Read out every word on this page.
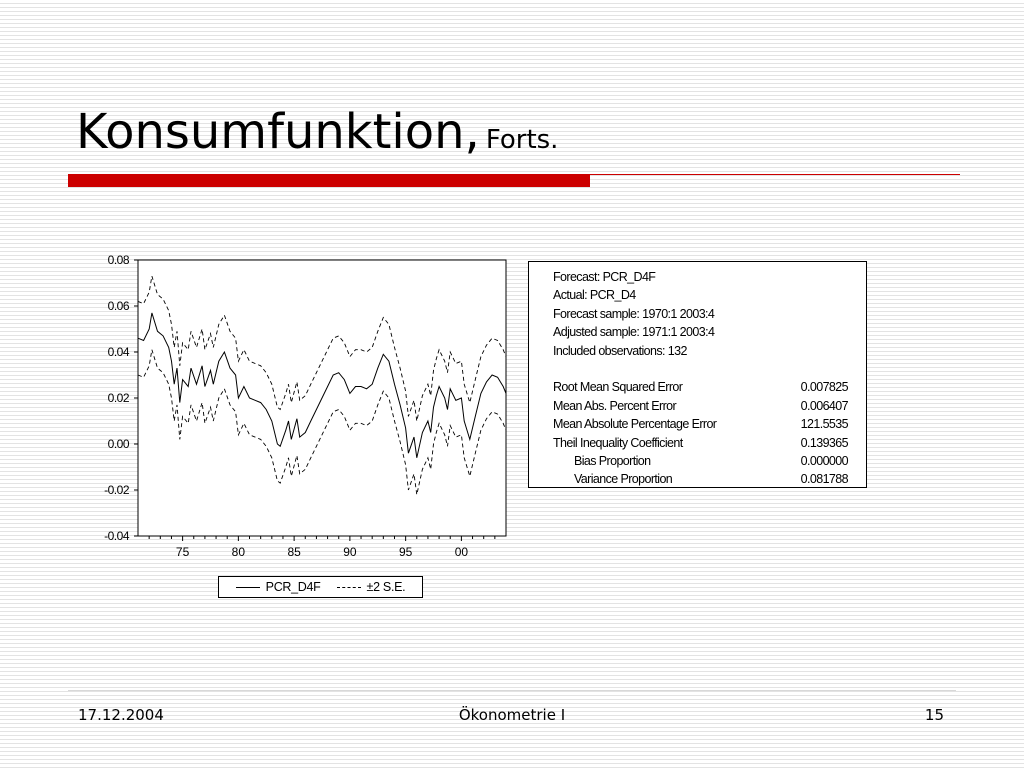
Konsumfunktion, Forts.
0.08
0.06
0.04
0.02
0.00
-0.02
-0.04
75	80	85	90	95	00
PCR_D4F	±2 S.E.
Forecast: PCR_D4F
Actual: PCR_D4
Forecast sample: 1970:1 2003:4
Adjusted sample: 1971:1 2003:4
Included observations: 132
Root Mean Squared Error	0.007825
Mean Abs. Percent Error	0.006407
Mean Absolute Percentage Error	121.5535
Theil Inequality Coefficient	0.139365
Bias Proportion	0.000000
Variance Proportion	0.081788
17.12.2004	Ökonometrie I	15
